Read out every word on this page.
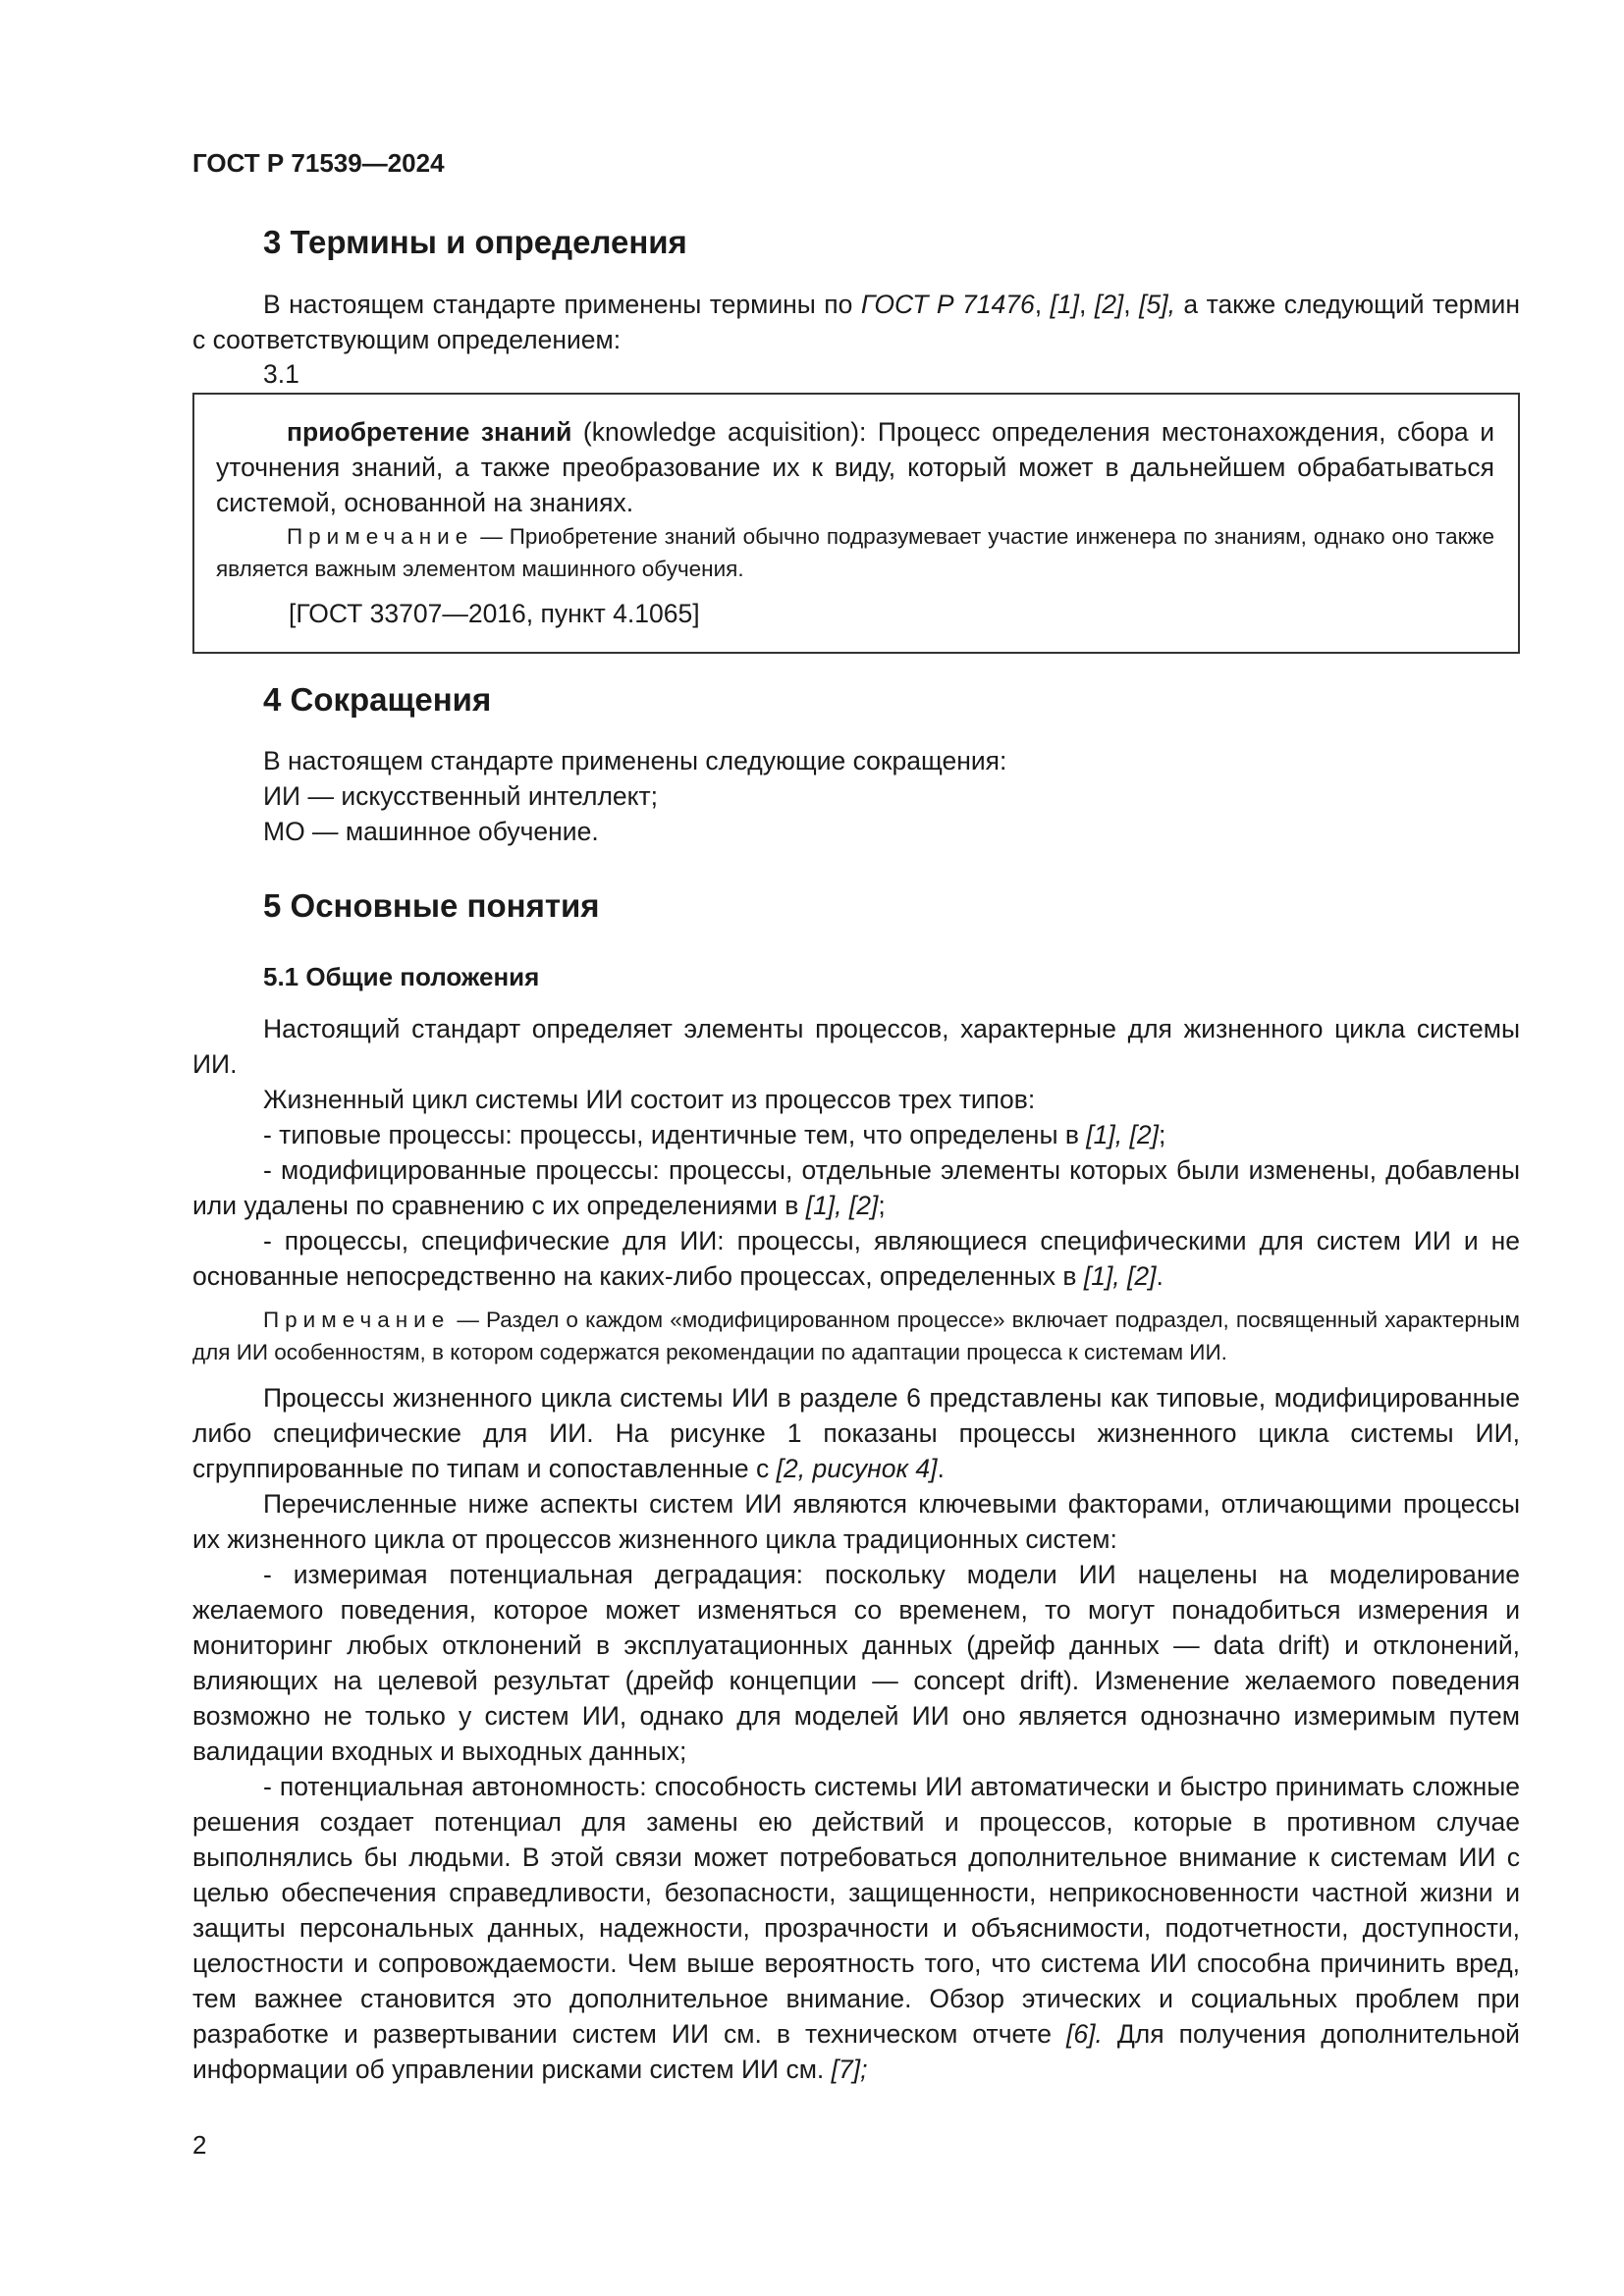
ГОСТ Р 71539—2024

3 Термины и определения

В настоящем стандарте применены термины по ГОСТ Р 71476, [1], [2], [5], а также следующий термин с соответствующим определением:

3.1

приобретение знаний (knowledge acquisition): Процесс определения местонахождения, сбора и уточнения знаний, а также преобразование их к виду, который может в дальнейшем обрабатываться системой, основанной на знаниях.

Примечание — Приобретение знаний обычно подразумевает участие инженера по знаниям, однако оно также является важным элементом машинного обучения.

[ГОСТ 33707—2016, пункт 4.1065]

4 Сокращения

В настоящем стандарте применены следующие сокращения:

ИИ — искусственный интеллект;

МО — машинное обучение.

5 Основные понятия
5.1 Общие положения

Настоящий стандарт определяет элементы процессов, характерные для жизненного цикла системы ИИ.

Жизненный цикл системы ИИ состоит из процессов трех типов:

- типовые процессы: процессы, идентичные тем, что определены в [1], [2];

- модифицированные процессы: процессы, отдельные элементы которых были изменены, добавлены или удалены по сравнению с их определениями в [1], [2];

- процессы, специфические для ИИ: процессы, являющиеся специфическими для систем ИИ и не основанные непосредственно на каких-либо процессах, определенных в [1], [2].

Примечание — Раздел о каждом «модифицированном процессе» включает подраздел, посвященный характерным для ИИ особенностям, в котором содержатся рекомендации по адаптации процесса к системам ИИ.

Процессы жизненного цикла системы ИИ в разделе 6 представлены как типовые, модифицированные либо специфические для ИИ. На рисунке 1 показаны процессы жизненного цикла системы ИИ, сгруппированные по типам и сопоставленные с [2, рисунок 4].

Перечисленные ниже аспекты систем ИИ являются ключевыми факторами, отличающими процессы их жизненного цикла от процессов жизненного цикла традиционных систем:

- измеримая потенциальная деградация: поскольку модели ИИ нацелены на моделирование желаемого поведения, которое может изменяться со временем, то могут понадобиться измерения и мониторинг любых отклонений в эксплуатационных данных (дрейф данных — data drift) и отклонений, влияющих на целевой результат (дрейф концепции — concept drift). Изменение желаемого поведения возможно не только у систем ИИ, однако для моделей ИИ оно является однозначно измеримым путем валидации входных и выходных данных;

- потенциальная автономность: способность системы ИИ автоматически и быстро принимать сложные решения создает потенциал для замены ею действий и процессов, которые в противном случае выполнялись бы людьми. В этой связи может потребоваться дополнительное внимание к системам ИИ с целью обеспечения справедливости, безопасности, защищенности, неприкосновенности частной жизни и защиты персональных данных, надежности, прозрачности и объяснимости, подотчетности, доступности, целостности и сопровождаемости. Чем выше вероятность того, что система ИИ способна причинить вред, тем важнее становится это дополнительное внимание. Обзор этических и социальных проблем при разработке и развертывании систем ИИ см. в техническом отчете [6]. Для получения дополнительной информации об управлении рисками систем ИИ см. [7];

2
